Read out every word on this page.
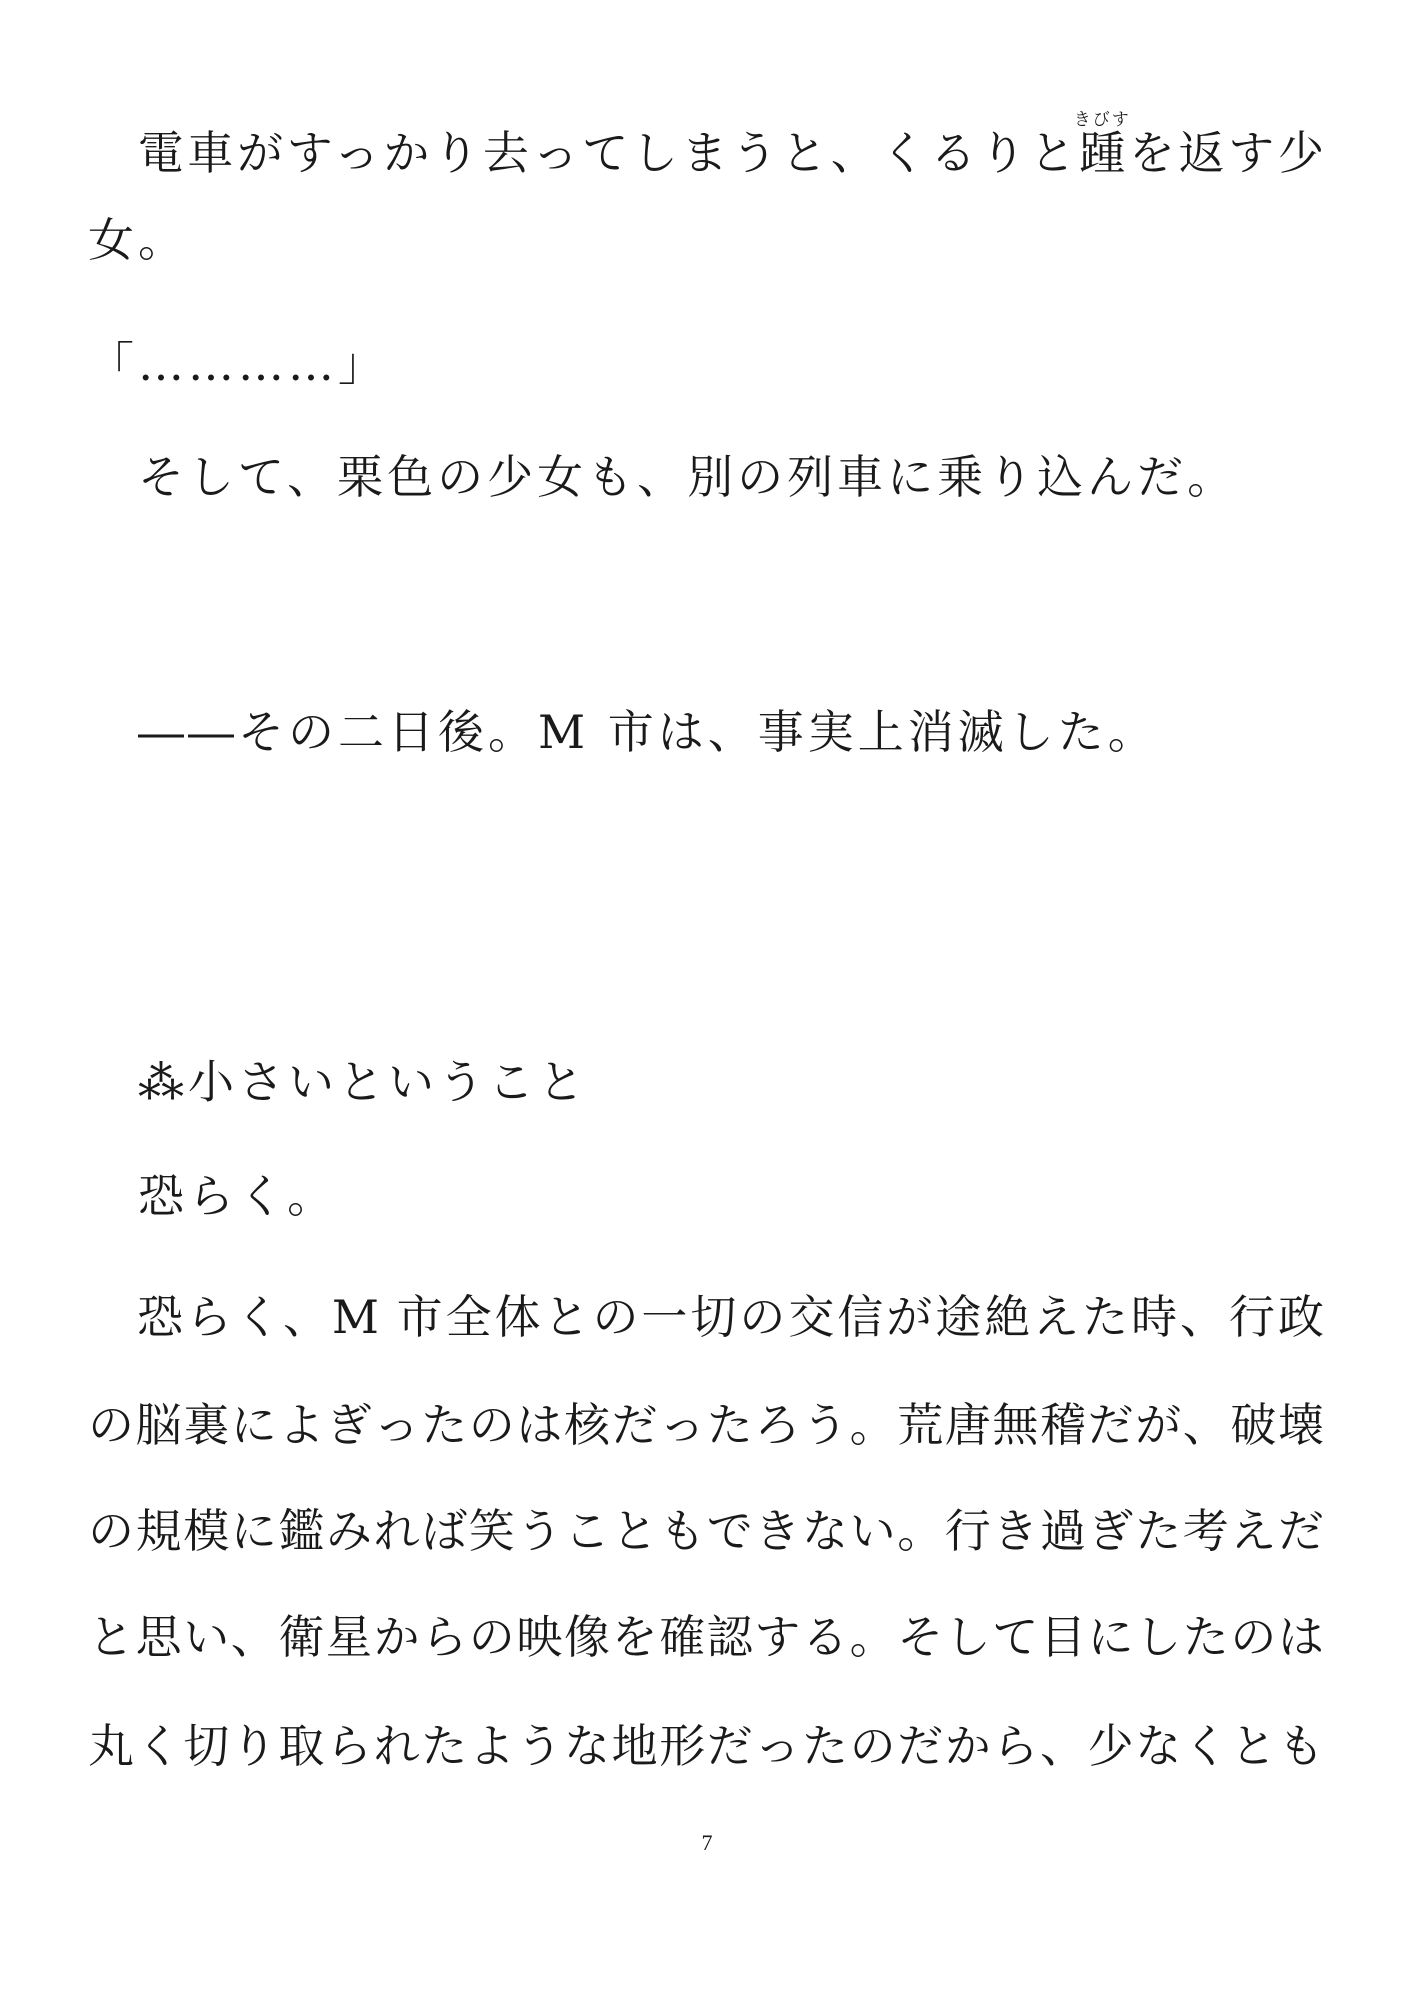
　電車がすっかり去ってしまうと、くるりと踵きびすを返す少
女。
「…………」
　そして、栗色の少女も、別の列車に乗り込んだ。
　――その二日後。M 市は、事実上消滅した。
　⁂小さいということ
　恐らく。
　恐らく、M 市全体との一切の交信が途絶えた時、行政
の脳裏によぎったのは核だったろう。荒唐無稽だが、破壊
の規模に鑑みれば笑うこともできない。行き過ぎた考えだ
と思い、衛星からの映像を確認する。そして目にしたのは
丸く切り取られたような地形だったのだから、少なくとも
7
